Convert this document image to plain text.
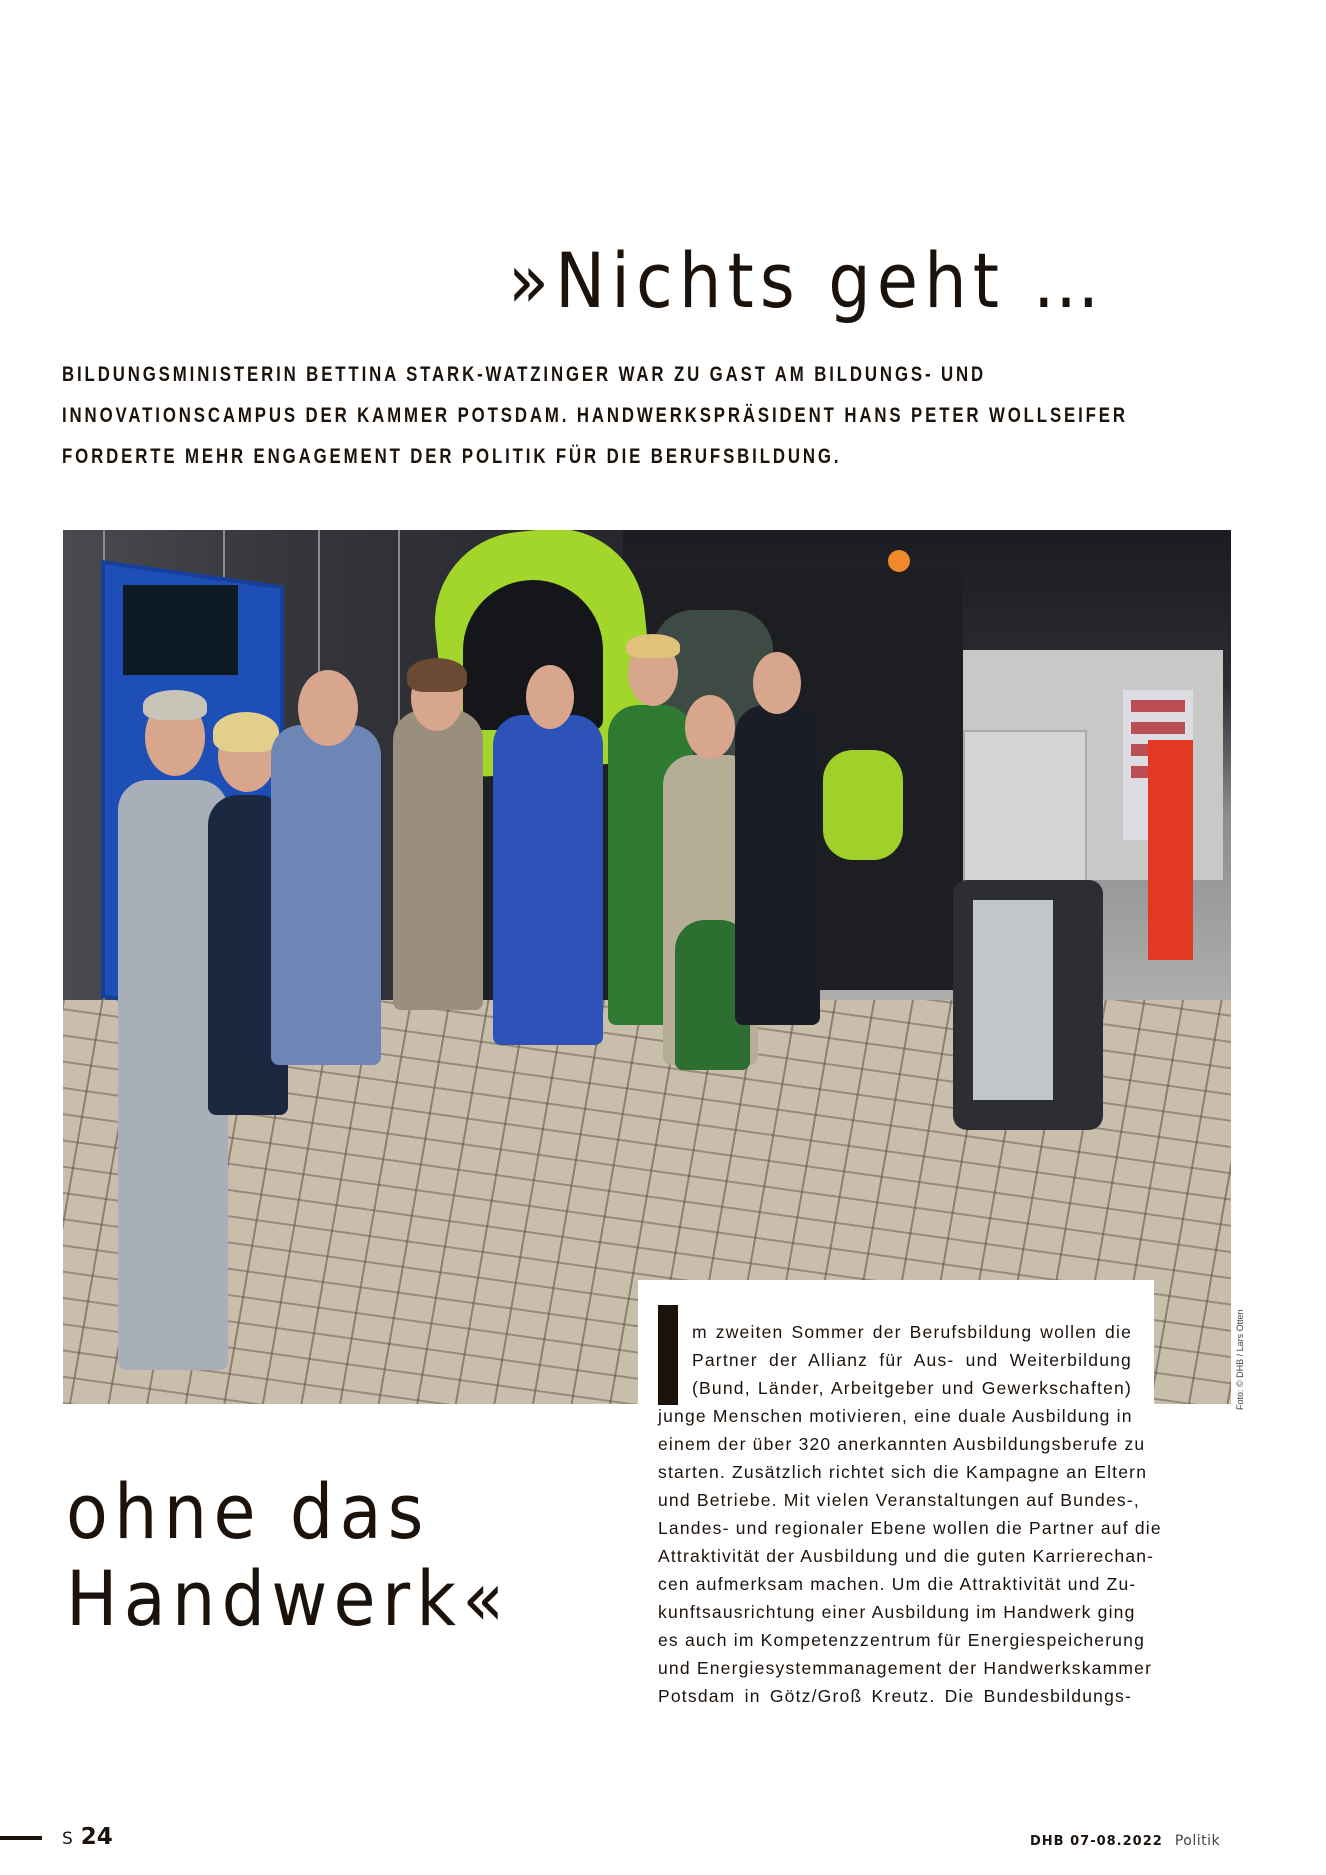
»Nichts geht …
BILDUNGSMINISTERIN BETTINA STARK-WATZINGER WAR ZU GAST AM BILDUNGS- UND
INNOVATIONSCAMPUS DER KAMMER POTSDAM. HANDWERKSPRÄSIDENT HANS PETER WOLLSEIFER
FORDERTE MEHR ENGAGEMENT DER POLITIK FÜR DIE BERUFSBILDUNG.
Foto: © DHB / Lars Otten
m zweiten Sommer der Berufsbildung wollen die
Partner der Allianz für Aus- und Weiterbildung
(Bund, Länder, Arbeitgeber und Gewerkschaften)
junge Menschen motivieren, eine duale Ausbildung in
einem der über 320 anerkannten Ausbildungsberufe zu
starten. Zusätzlich richtet sich die Kampagne an Eltern
und Betriebe. Mit vielen Veranstaltungen auf Bundes-,
Landes- und regionaler Ebene wollen die Partner auf die
Attraktivität der Ausbildung und die guten Karrierechan-
cen aufmerksam machen. Um die Attraktivität und Zu-
kunftsausrichtung einer Ausbildung im Handwerk ging
es auch im Kompetenzzentrum für Energiespeicherung
und Energiesystemmanagement der Handwerkskammer
Potsdam in Götz/Groß Kreutz. Die Bundesbildungs-
ohne das
Handwerk«
S 24	DHB 07-08.2022 Politik
